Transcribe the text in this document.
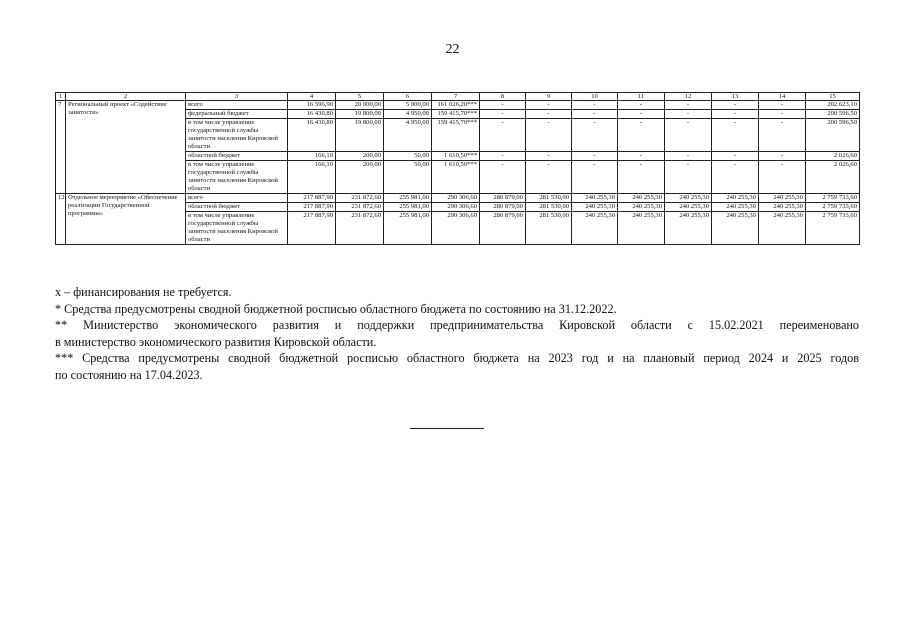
22
1	2	3	4	5	6	7	8	9	10	11	12	13	14	15
7	Региональный проект «Содействие занятости»	всего	16 596,90	20 000,00	5 000,00	161 026,20***	-	-	-	-	-	-	-	202 623,10
		федеральный бюджет	16 430,80	19 800,00	4 950,00	159 415,70***	-	-	-	-	-	-	-	200 596,50
		в том числе управление государственной службы занятости населения Кировской области	16 430,80	19 800,00	4 950,00	159 415,70***	-	-	-	-	-	-	-	200 596,50
		областной бюджет	166,10	200,00	50,00	1 610,50***	-	-	-	-	-	-	-	2 026,60
		в том числе управление государственной службы занятости населения Кировской области	166,10	200,00	50,00	1 610,50***	-	-	-	-	-	-	-	2 026,60
12	Отдельное мероприятие «Обеспечение реализации Государственной программы»	всего	217 887,90	231 872,60	255 981,00	290 306,60	280 879,00	281 530,00	240 255,30	240 255,30	240 255,30	240 255,30	240 255,30	2 759 733,60
		областной бюджет	217 887,90	231 872,60	255 981,00	290 306,60	280 879,00	281 530,00	240 255,30	240 255,30	240 255,30	240 255,30	240 255,30	2 759 733,60
		в том числе управление государственной службы занятости населения Кировской области	217 887,90	231 872,60	255 981,00	290 306,60	280 879,00	281 530,00	240 255,30	240 255,30	240 255,30	240 255,30	240 255,30	2 759 733,60

х – финансирования не требуется.

* Средства предусмотрены сводной бюджетной росписью областного бюджета по состоянию на 31.12.2022.

** Министерство экономического развития и поддержки предпринимательства Кировской области с 15.02.2021 переименовано

в министерство экономического развития Кировской области.

*** Средства предусмотрены сводной бюджетной росписью областного бюджета на 2023 год и на плановый период 2024 и 2025 годов

по состоянию на 17.04.2023.
